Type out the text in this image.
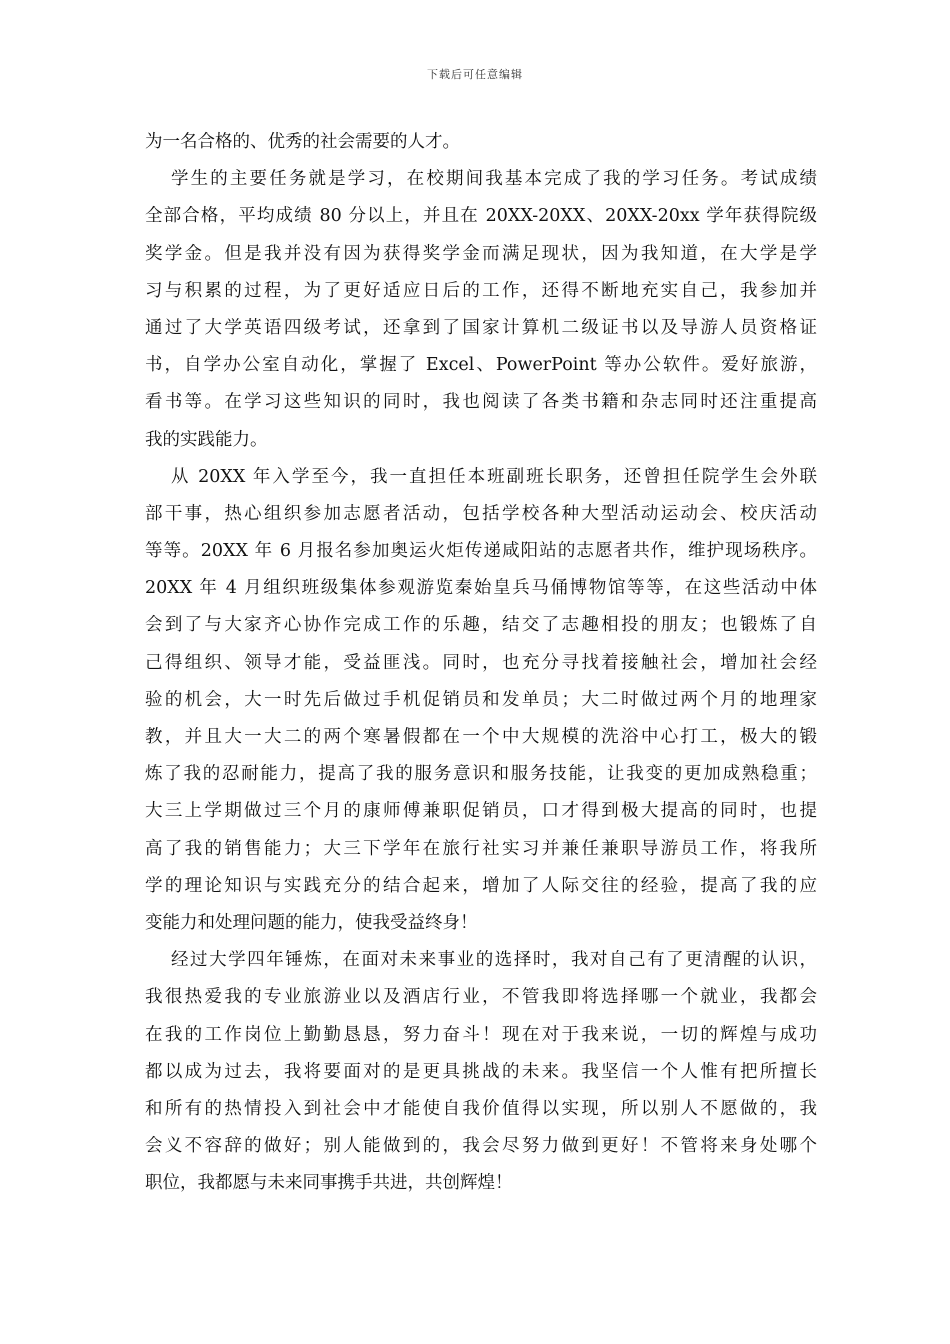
下载后可任意编辑
为一名合格的、优秀的社会需要的人才。
学生的主要任务就是学习，在校期间我基本完成了我的学习任务。考试成绩
全部合格，平均成绩 80 分以上，并且在 20XX-20XX、20XX-20xx 学年获得院级
奖学金。但是我并没有因为获得奖学金而满足现状，因为我知道，在大学是学
习与积累的过程，为了更好适应日后的工作，还得不断地充实自己，我参加并
通过了大学英语四级考试，还拿到了国家计算机二级证书以及导游人员资格证
书，自学办公室自动化，掌握了 Excel、PowerPoint 等办公软件。爱好旅游，
看书等。在学习这些知识的同时，我也阅读了各类书籍和杂志同时还注重提高
我的实践能力。
从 20XX 年入学至今，我一直担任本班副班长职务，还曾担任院学生会外联
部干事，热心组织参加志愿者活动，包括学校各种大型活动运动会、校庆活动
等等。20XX 年 6 月报名参加奥运火炬传递咸阳站的志愿者共作，维护现场秩序。
20XX 年 4 月组织班级集体参观游览秦始皇兵马俑博物馆等等，在这些活动中体
会到了与大家齐心协作完成工作的乐趣，结交了志趣相投的朋友；也锻炼了自
己得组织、领导才能，受益匪浅。同时，也充分寻找着接触社会，增加社会经
验的机会，大一时先后做过手机促销员和发单员；大二时做过两个月的地理家
教，并且大一大二的两个寒暑假都在一个中大规模的洗浴中心打工，极大的锻
炼了我的忍耐能力，提高了我的服务意识和服务技能，让我变的更加成熟稳重；
大三上学期做过三个月的康师傅兼职促销员，口才得到极大提高的同时，也提
高了我的销售能力；大三下学年在旅行社实习并兼任兼职导游员工作，将我所
学的理论知识与实践充分的结合起来，增加了人际交往的经验，提高了我的应
变能力和处理问题的能力，使我受益终身！
经过大学四年锤炼，在面对未来事业的选择时，我对自己有了更清醒的认识，
我很热爱我的专业旅游业以及酒店行业，不管我即将选择哪一个就业，我都会
在我的工作岗位上勤勤恳恳，努力奋斗！现在对于我来说，一切的辉煌与成功
都以成为过去，我将要面对的是更具挑战的未来。我坚信一个人惟有把所擅长
和所有的热情投入到社会中才能使自我价值得以实现，所以别人不愿做的，我
会义不容辞的做好；别人能做到的，我会尽努力做到更好！不管将来身处哪个
职位，我都愿与未来同事携手共进，共创辉煌！
